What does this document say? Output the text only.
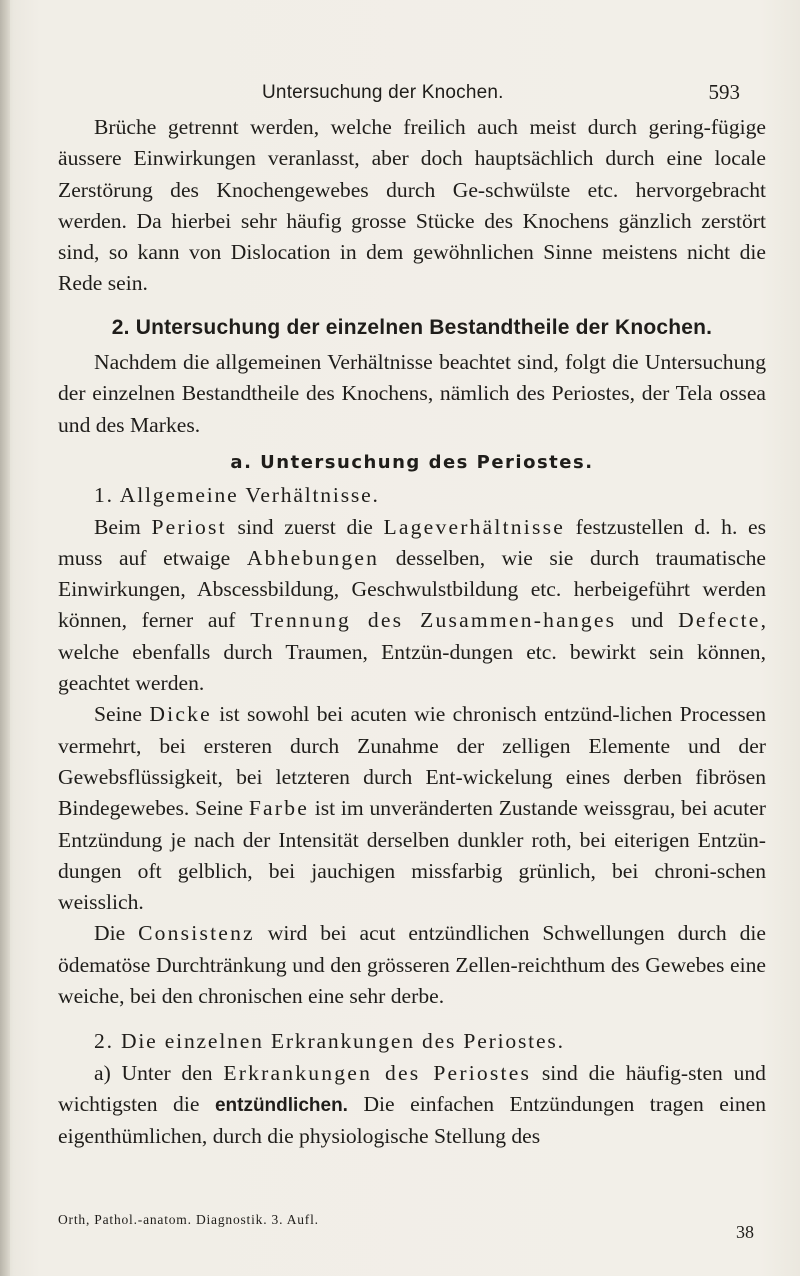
Untersuchung der Knochen.	593

Brüche getrennt werden, welche freilich auch meist durch gering-fügige äussere Einwirkungen veranlasst, aber doch hauptsächlich durch eine locale Zerstörung des Knochengewebes durch Ge-schwülste etc. hervorgebracht werden. Da hierbei sehr häufig grosse Stücke des Knochens gänzlich zerstört sind, so kann von Dislocation in dem gewöhnlichen Sinne meistens nicht die Rede sein.

2. Untersuchung der einzelnen Bestandtheile der Knochen.

Nachdem die allgemeinen Verhältnisse beachtet sind, folgt die Untersuchung der einzelnen Bestandtheile des Knochens, nämlich des Periostes, der Tela ossea und des Markes.

a. Untersuchung des Periostes.

1. Allgemeine Verhältnisse.

Beim Periost sind zuerst die Lageverhältnisse festzustellen d. h. es muss auf etwaige Abhebungen desselben, wie sie durch traumatische Einwirkungen, Abscessbildung, Geschwulstbildung etc. herbeigeführt werden können, ferner auf Trennung des Zusammen-hanges und Defecte, welche ebenfalls durch Traumen, Entzün-dungen etc. bewirkt sein können, geachtet werden.

Seine Dicke ist sowohl bei acuten wie chronisch entzünd-lichen Processen vermehrt, bei ersteren durch Zunahme der zelligen Elemente und der Gewebsflüssigkeit, bei letzteren durch Ent-wickelung eines derben fibrösen Bindegewebes. Seine Farbe ist im unveränderten Zustande weissgrau, bei acuter Entzündung je nach der Intensität derselben dunkler roth, bei eiterigen Entzün-dungen oft gelblich, bei jauchigen missfarbig grünlich, bei chroni-schen weisslich.

Die Consistenz wird bei acut entzündlichen Schwellungen durch die ödematöse Durchtränkung und den grösseren Zellen-reichthum des Gewebes eine weiche, bei den chronischen eine sehr derbe.

2. Die einzelnen Erkrankungen des Periostes.

a) Unter den Erkrankungen des Periostes sind die häufig-sten und wichtigsten die entzündlichen. Die einfachen Entzündungen tragen einen eigenthümlichen, durch die physiologische Stellung des

Orth, Pathol.-anatom. Diagnostik. 3. Aufl.
38
